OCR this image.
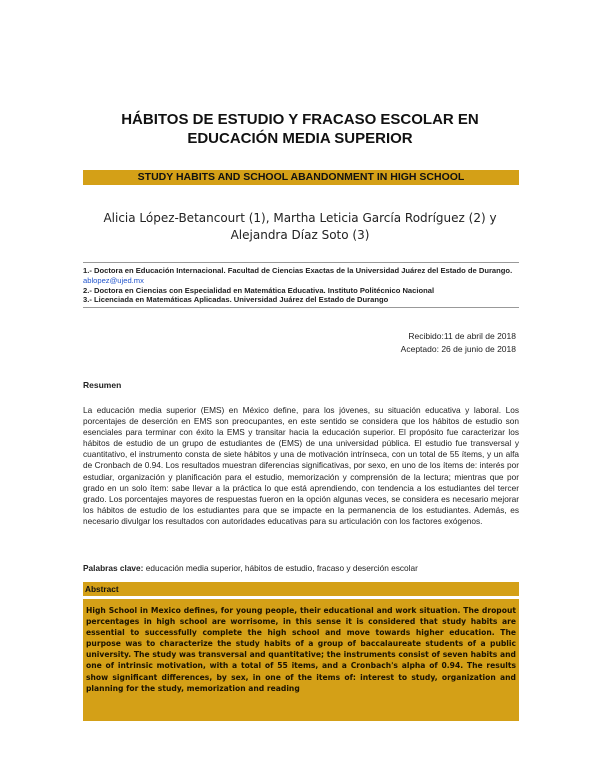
HÁBITOS DE ESTUDIO Y FRACASO ESCOLAR EN
EDUCACIÓN MEDIA SUPERIOR
STUDY HABITS AND SCHOOL ABANDONMENT IN HIGH SCHOOL
Alicia López-Betancourt (1), Martha Leticia García Rodríguez (2) y
Alejandra Díaz Soto (3)
1.- Doctora en Educación Internacional. Facultad de Ciencias Exactas de la Universidad Juárez del Estado de Durango. ablopez@ujed.mx
2.- Doctora en Ciencias con Especialidad en Matemática Educativa. Instituto Politécnico Nacional
3.- Licenciada en Matemáticas Aplicadas. Universidad Juárez del Estado de Durango
Recibido:11 de abril de 2018
Aceptado: 26 de junio de 2018
Resumen
La educación media superior (EMS) en México define, para los jóvenes, su situación educativa y laboral. Los porcentajes de deserción en EMS son preocupantes, en este sentido se considera que los hábitos de estudio son esenciales para terminar con éxito la EMS y transitar hacia la educación superior. El propósito fue caracterizar los hábitos de estudio de un grupo de estudiantes de (EMS) de una universidad pública. El estudio fue transversal y cuantitativo, el instrumento consta de siete hábitos y una de motivación intrínseca, con un total de 55 ítems, y un alfa de Cronbach de 0.94. Los resultados muestran diferencias significativas, por sexo, en uno de los ítems de: interés por estudiar, organización y planificación para el estudio, memorización y comprensión de la lectura; mientras que por grado en un solo ítem: sabe llevar a la práctica lo que está aprendiendo, con tendencia a los estudiantes del tercer grado. Los porcentajes mayores de respuestas fueron en la opción algunas veces, se considera es necesario mejorar los hábitos de estudio de los estudiantes para que se impacte en la permanencia de los estudiantes. Además, es necesario divulgar los resultados con autoridades educativas para su articulación con los factores exógenos.
Palabras clave: educación media superior, hábitos de estudio, fracaso y deserción escolar
Abstract
High School in Mexico defines, for young people, their educational and work situation. The dropout percentages in high school are worrisome, in this sense it is considered that study habits are essential to successfully complete the high school and move towards higher education. The purpose was to characterize the study habits of a group of baccalaureate students of a public university. The study was transversal and quantitative; the instruments consist of seven habits and one of intrinsic motivation, with a total of 55 items, and a Cronbach's alpha of 0.94. The results show significant differences, by sex, in one of the items of: interest to study, organization and planning for the study, memorization and reading
